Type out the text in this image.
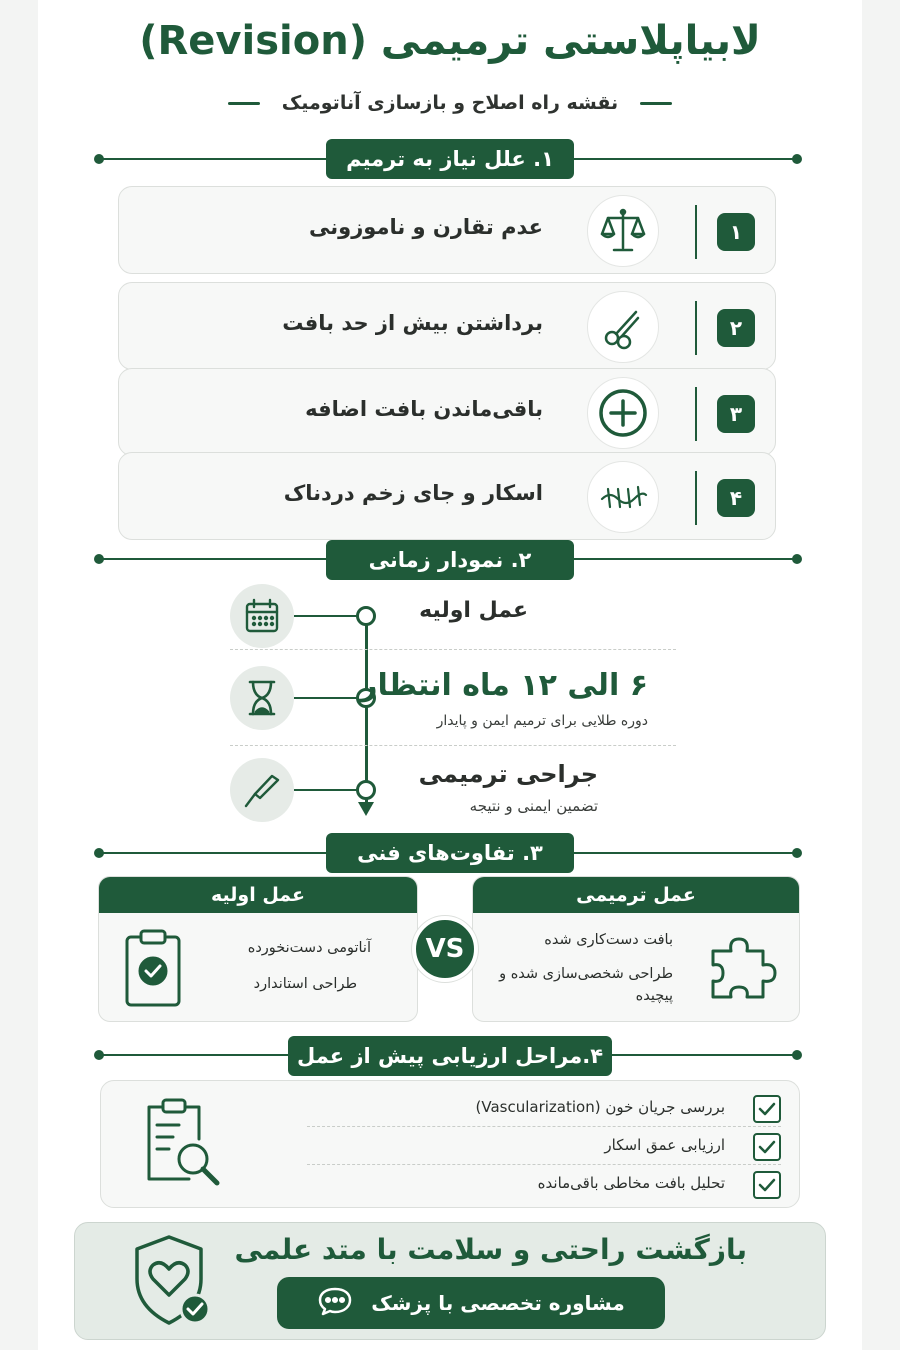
لابیاپلاستی ترمیمی (Revision)
نقشه راه اصلاح و بازسازی آناتومیک
۱. علل نیاز به ترمیم
۱
عدم تقارن و ناموزونی
۲
برداشتن بیش از حد بافت
۳
باقی‌ماندن بافت اضافه
۴
اسکار و جای زخم دردناک
۲. نمودار زمانی
عمل اولیه
۶ الی ۱۲ ماه انتظار
دوره طلایی برای ترمیم ایمن و پایدار
جراحی ترمیمی
تضمین ایمنی و نتیجه
۳. تفاوت‌های فنی
عمل اولیه
آناتومی دست‌نخورده
طراحی استاندارد
عمل ترمیمی
بافت دست‌کاری شده
طراحی شخصی‌سازی شده و پیچیده
VS
۴.مراحل ارزیابی پیش از عمل
بررسی جریان خون (Vascularization)
ارزیابی عمق اسکار
تحلیل بافت مخاطی باقی‌مانده
بازگشت راحتی و سلامت با متد علمی
مشاوره تخصصی با پزشک
